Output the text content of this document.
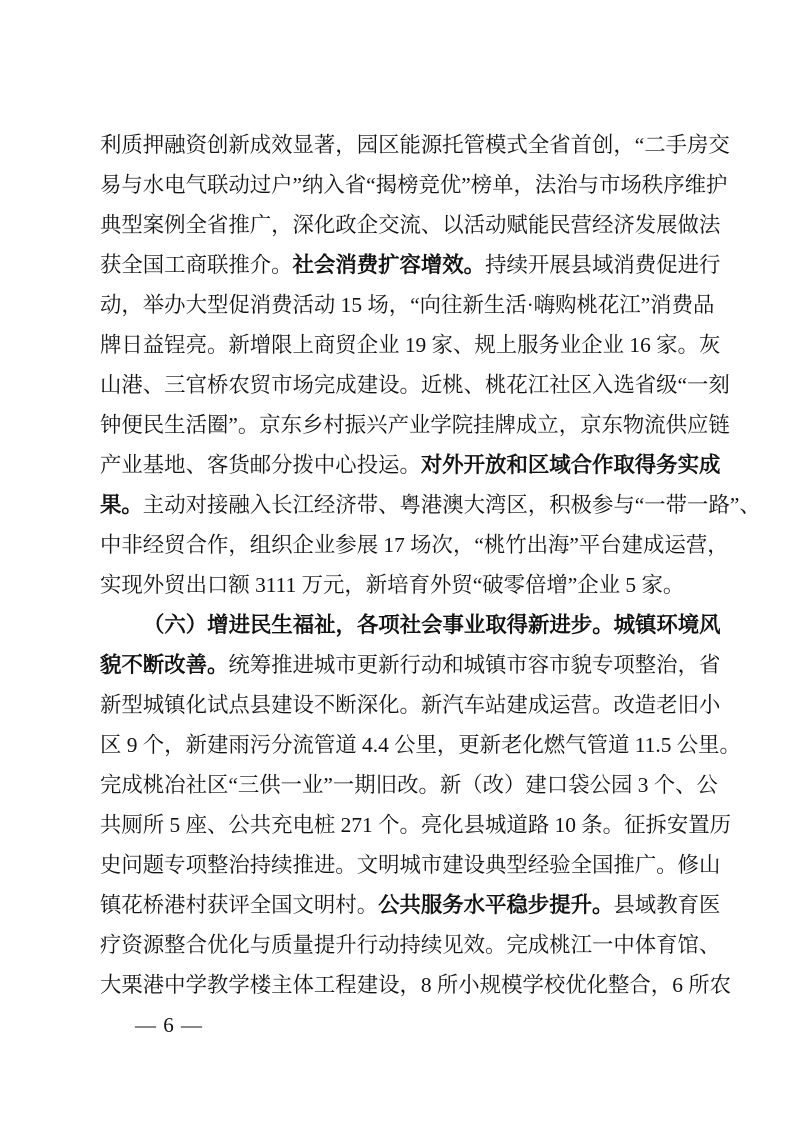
利质押融资创新成效显著，园区能源托管模式全省首创，“二手房交
易与水电气联动过户”纳入省“揭榜竞优”榜单，法治与市场秩序维护
典型案例全省推广，深化政企交流、以活动赋能民营经济发展做法
获全国工商联推介。社会消费扩容增效。持续开展县域消费促进行
动，举办大型促消费活动 15 场，“向往新生活·嗨购桃花江”消费品
牌日益锃亮。新增限上商贸企业 19 家、规上服务业企业 16 家。灰
山港、三官桥农贸市场完成建设。近桃、桃花江社区入选省级“一刻
钟便民生活圈”。京东乡村振兴产业学院挂牌成立，京东物流供应链
产业基地、客货邮分拨中心投运。对外开放和区域合作取得务实成
果。主动对接融入长江经济带、粤港澳大湾区，积极参与“一带一路”、
中非经贸合作，组织企业参展 17 场次，“桃竹出海”平台建成运营，
实现外贸出口额 3111 万元，新培育外贸“破零倍增”企业 5 家。
（六）增进民生福祉，各项社会事业取得新进步。城镇环境风
貌不断改善。统筹推进城市更新行动和城镇市容市貌专项整治，省
新型城镇化试点县建设不断深化。新汽车站建成运营。改造老旧小
区 9 个，新建雨污分流管道 4.4 公里，更新老化燃气管道 11.5 公里。
完成桃冶社区“三供一业”一期旧改。新（改）建口袋公园 3 个、公
共厕所 5 座、公共充电桩 271 个。亮化县城道路 10 条。征拆安置历
史问题专项整治持续推进。文明城市建设典型经验全国推广。修山
镇花桥港村获评全国文明村。公共服务水平稳步提升。县域教育医
疗资源整合优化与质量提升行动持续见效。完成桃江一中体育馆、
大栗港中学教学楼主体工程建设，8 所小规模学校优化整合，6 所农
— 6 —
